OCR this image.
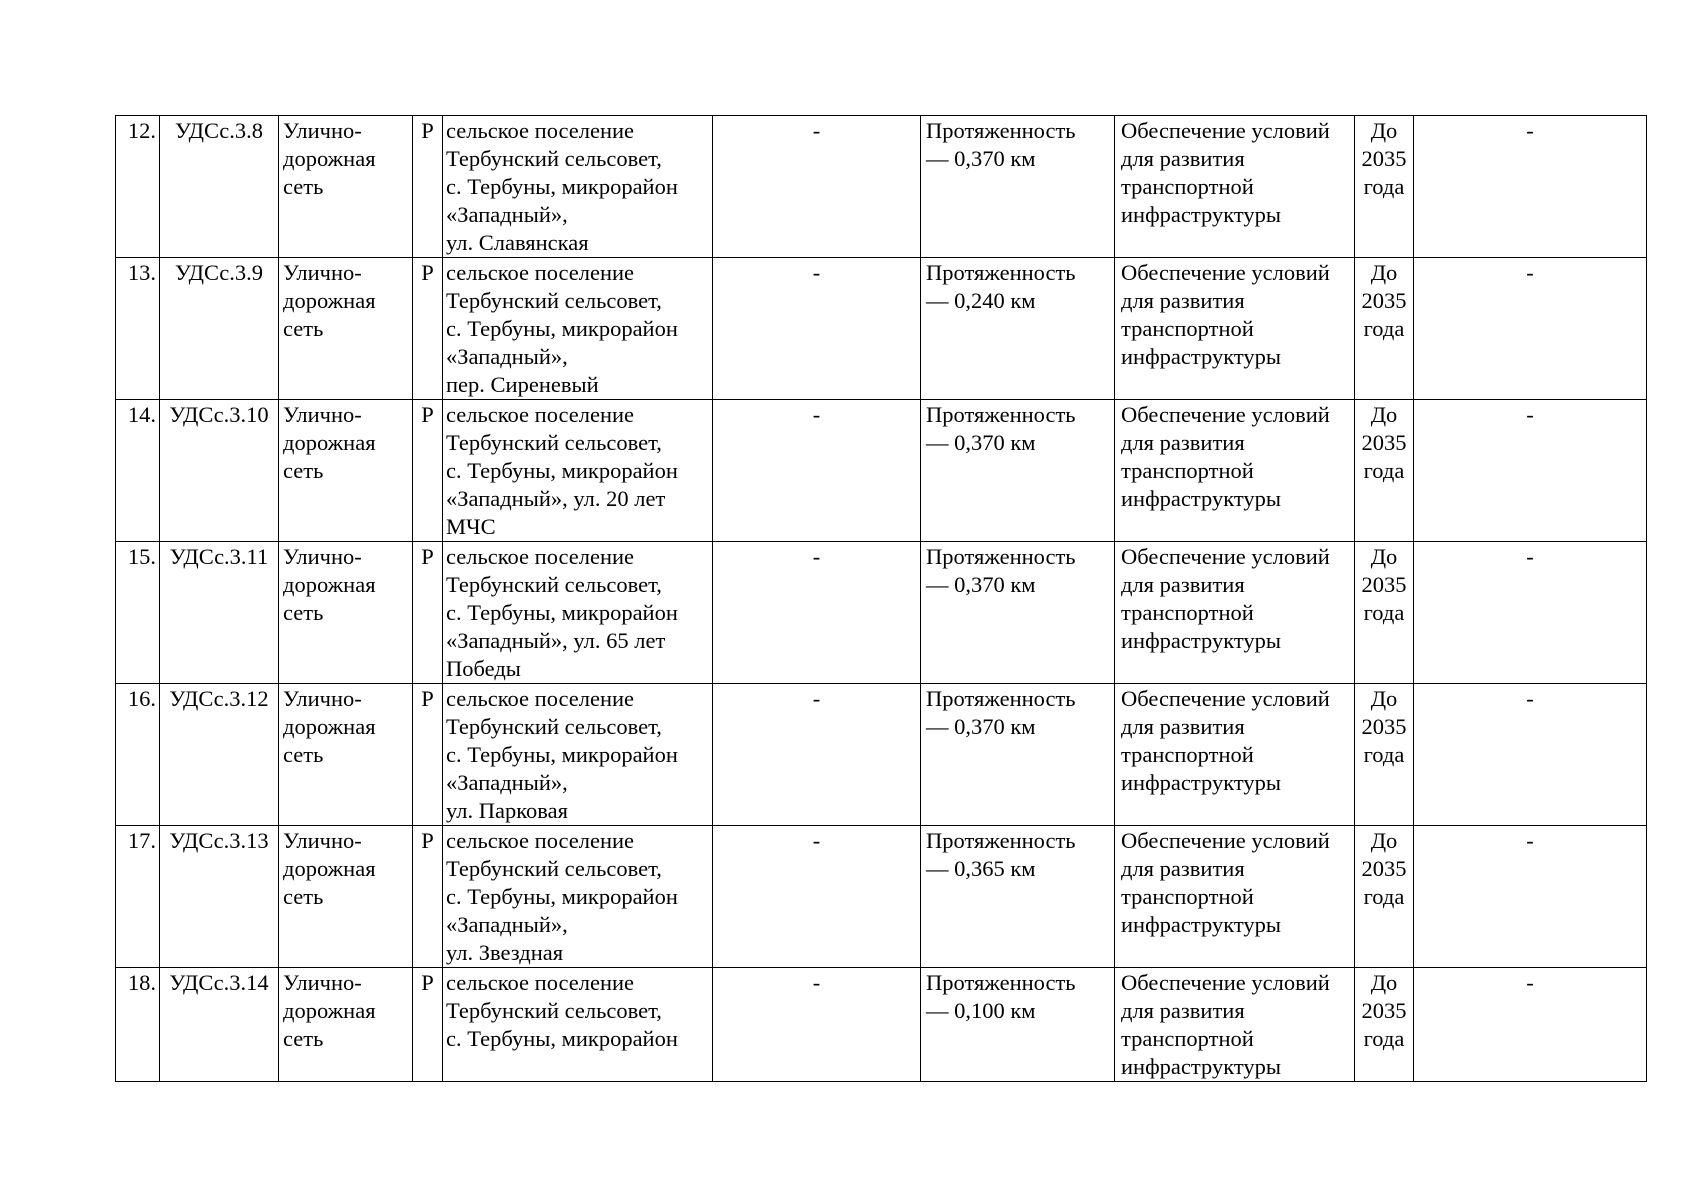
12.	УДСс.3.8	Улично-
дорожная
сеть	Р	сельское поселение
Тербунский сельсовет,
с. Тербуны, микрорайон
«Западный»,
ул. Славянская	-	Протяженность
— 0,370 км	Обеспечение условий
для развития
транспортной
инфраструктуры	До
2035
года	-
13.	УДСс.3.9	Улично-
дорожная
сеть	Р	сельское поселение
Тербунский сельсовет,
с. Тербуны, микрорайон
«Западный»,
пер. Сиреневый	-	Протяженность
— 0,240 км	Обеспечение условий
для развития
транспортной
инфраструктуры	До
2035
года	-
14.	УДСс.3.10	Улично-
дорожная
сеть	Р	сельское поселение
Тербунский сельсовет,
с. Тербуны, микрорайон
«Западный», ул. 20 лет
МЧС	-	Протяженность
— 0,370 км	Обеспечение условий
для развития
транспортной
инфраструктуры	До
2035
года	-
15.	УДСс.3.11	Улично-
дорожная
сеть	Р	сельское поселение
Тербунский сельсовет,
с. Тербуны, микрорайон
«Западный», ул. 65 лет
Победы	-	Протяженность
— 0,370 км	Обеспечение условий
для развития
транспортной
инфраструктуры	До
2035
года	-
16.	УДСс.3.12	Улично-
дорожная
сеть	Р	сельское поселение
Тербунский сельсовет,
с. Тербуны, микрорайон
«Западный»,
ул. Парковая	-	Протяженность
— 0,370 км	Обеспечение условий
для развития
транспортной
инфраструктуры	До
2035
года	-
17.	УДСс.3.13	Улично-
дорожная
сеть	Р	сельское поселение
Тербунский сельсовет,
с. Тербуны, микрорайон
«Западный»,
ул. Звездная	-	Протяженность
— 0,365 км	Обеспечение условий
для развития
транспортной
инфраструктуры	До
2035
года	-
18.	УДСс.3.14	Улично-
дорожная
сеть	Р	сельское поселение
Тербунский сельсовет,
с. Тербуны, микрорайон	-	Протяженность
— 0,100 км	Обеспечение условий
для развития
транспортной
инфраструктуры	До
2035
года	-
